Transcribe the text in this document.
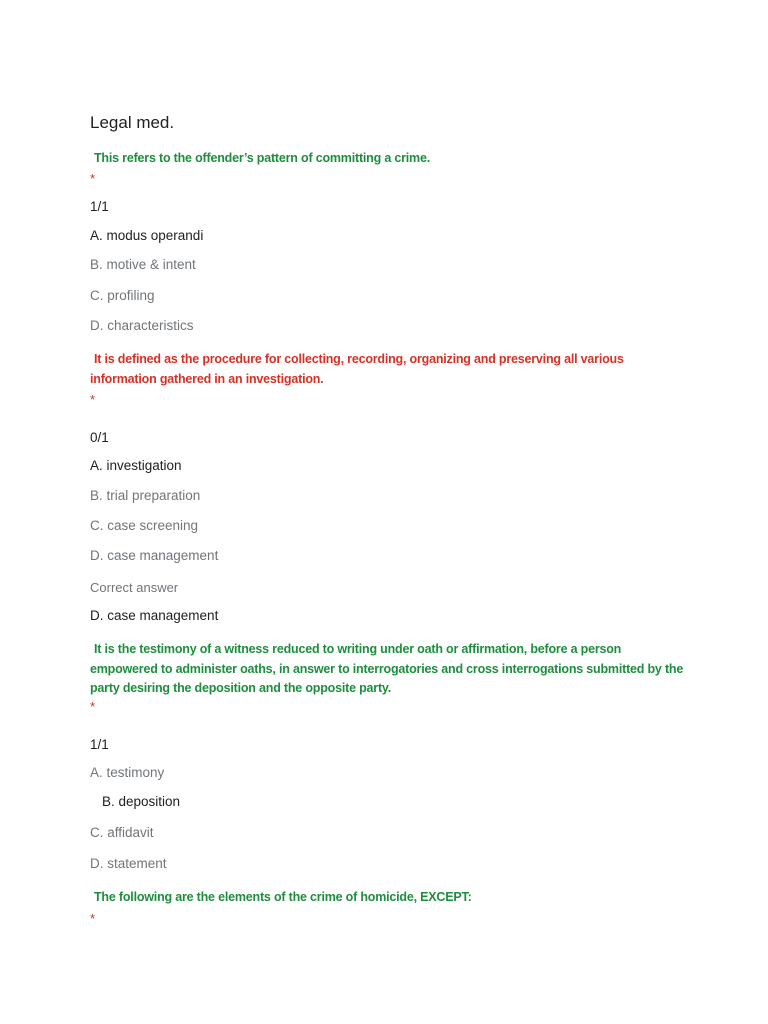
Legal med.
This refers to the offender’s pattern of committing a crime.
*
1/1
A. modus operandi
B. motive & intent
C. profiling
D. characteristics
It is defined as the procedure for collecting, recording, organizing and preserving all various information gathered in an investigation.
*
0/1
A. investigation
B. trial preparation
C. case screening
D. case management
Correct answer
D. case management
It is the testimony of a witness reduced to writing under oath or affirmation, before a person empowered to administer oaths, in answer to interrogatories and cross interrogations submitted by the party desiring the deposition and the opposite party.
*
1/1
A. testimony
B. deposition
C. affidavit
D. statement
The following are the elements of the crime of homicide, EXCEPT:
*
